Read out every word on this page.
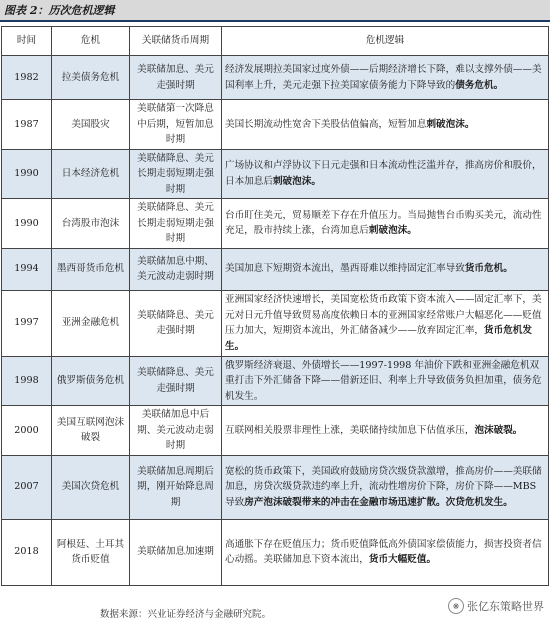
图表 2：历次危机逻辑
时间	危机	关联储货币周期	危机逻辑
1982	拉美债务危机	美联储加息、美元走强时期	经济发展期拉美国家过度外债——后期经济增长下降，难以支撑外债——美国利率上升，美元走强下拉美国家债务能力下降导致的债务危机。
1987	美国股灾	美联储第一次降息中后期，短暂加息时期	美国长期流动性宽舍下美股估值偏高，短暂加息刺破泡沫。
1990	日本经济危机	美联储降息、美元长期走弱短期走强时期	广场协议和卢浮协议下日元走强和日本流动性泛滥并存，推高房价和股价，日本加息后刺破泡沫。
1990	台湾股市泡沫	美联储降息、美元长期走弱短期走强时期	台币盯住美元，贸易顺差下存在升值压力。当局抛售台币购买美元，流动性充足，股市持续上涨，台湾加息后刺破泡沫。
1994	墨西哥货币危机	美联储加息中期、美元波动走弱时期	美国加息下短期资本流出，墨西哥难以维持固定汇率导致货币危机。
1997	亚洲金融危机	美联储降息、美元走强时期	亚洲国家经济快速增长，美国宽松货币政策下资本流入——固定汇率下，美元对日元升值导致贸易高度依赖日本的亚洲国家经常账户大幅恶化——贬值压力加大，短期资本流出，外汇储备减少——放弃固定汇率，货币危机发生。
1998	俄罗斯债务危机	美联储降息、美元走强时期	俄罗斯经济衰退、外债增长——1997-1998 年油价下跌和亚洲金融危机双重打击下外汇储备下降——借新还旧、利率上升导致债务负担加重，债务危机发生。
2000	美国互联网泡沫破裂	美联储加息中后期、美元波动走弱时期	互联网相关股票非理性上涨，美联储持续加息下估值承压，泡沫破裂。
2007	美国次贷危机	美联储加息周期后期，刚开始降息周期	宽松的货币政策下，美国政府鼓励房贷次级贷款激增，推高房价——美联储加息，房贷次级贷款违约率上升，流动性增房价下降，房价下降——MBS 导致房产泡沫破裂带来的冲击在金融市场迅速扩散。次贷危机发生。
2018	阿根廷、土耳其货币贬值	美联储加息加速期	高通胀下存在贬值压力；货币贬值降低高外债国家偿债能力，损害投资者信心动摇。美联储加息下资本流出，货币大幅贬值。
数据来源：兴业证券经济与金融研究院。
❋ 张亿东策略世界
